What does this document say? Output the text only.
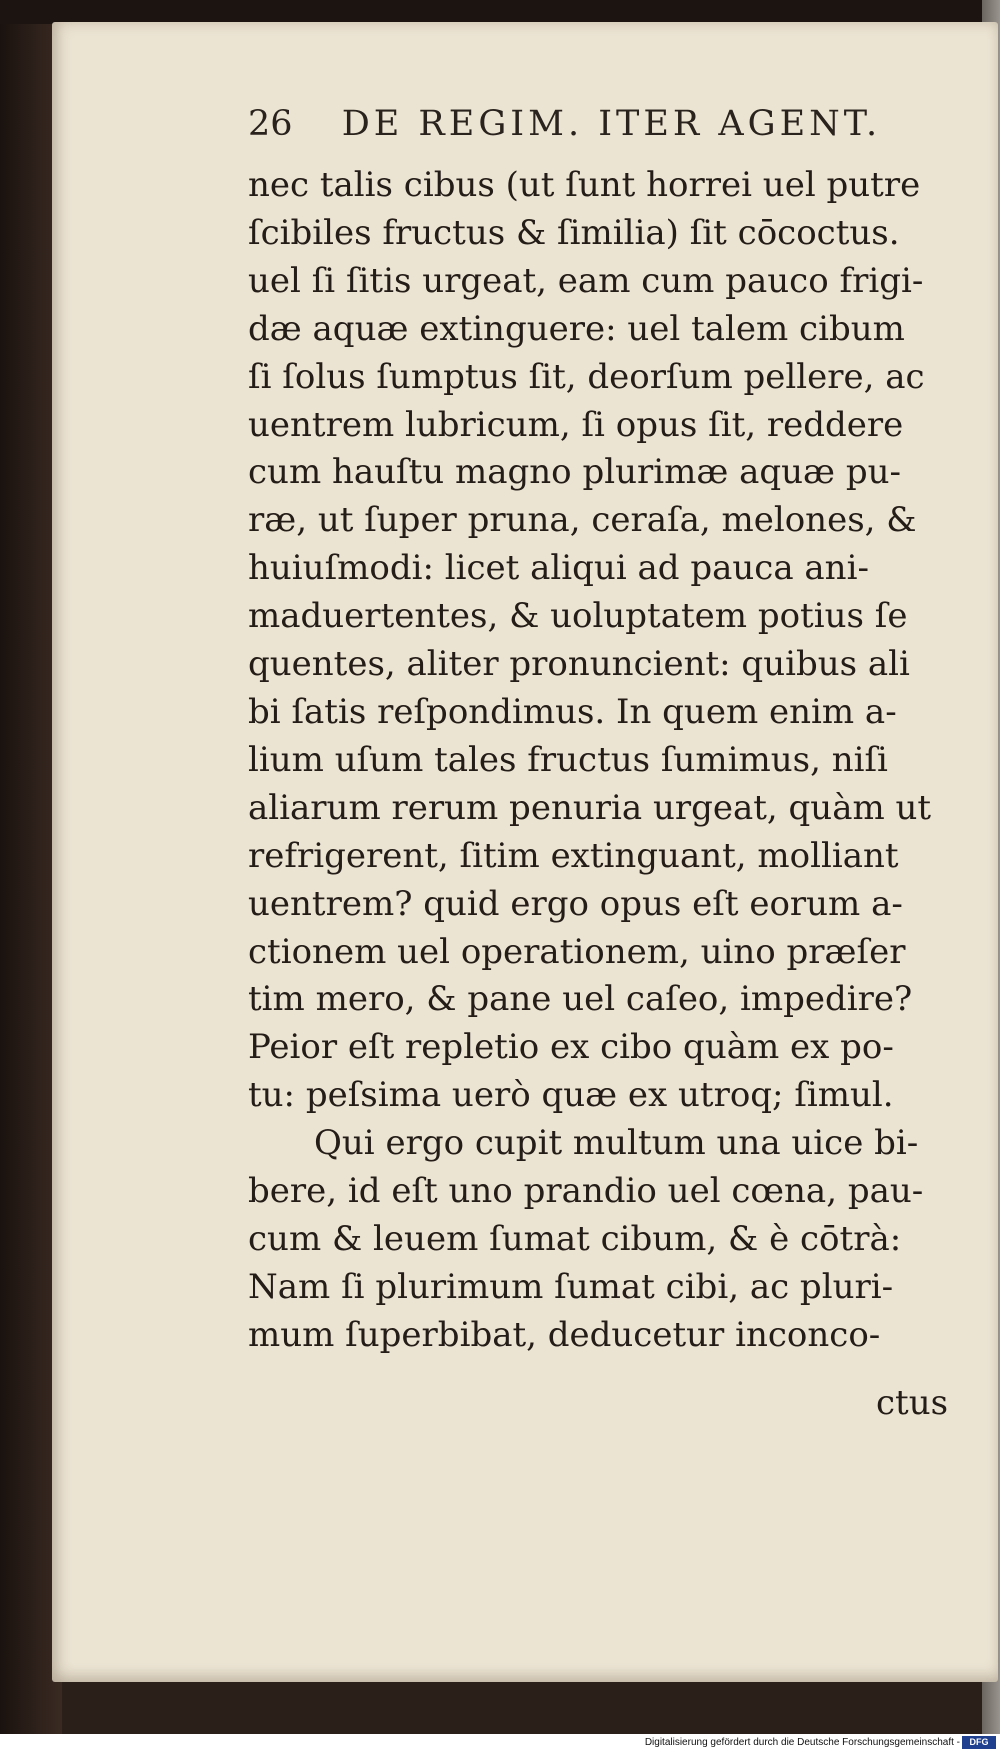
26 DE REGIM. ITER AGENT.
nec talis cibus (ut ſunt horrei uel putre
ſcibiles fructus & ſimilia) ſit cōcoctus.
uel ſi ſitis urgeat, eam cum pauco frigi-
dæ aquæ extinguere: uel talem cibum
ſi ſolus ſumptus ſit, deorſum pellere, ac
uentrem lubricum, ſi opus ſit, reddere
cum hauſtu magno plurimæ aquæ pu-
ræ, ut ſuper pruna, ceraſa, melones, &
huiuſmodi: licet aliqui ad pauca ani-
maduertentes, & uoluptatem potius ſe
quentes, aliter pronuncient: quibus ali
bi ſatis reſpondimus. In quem enim a-
lium uſum tales fructus ſumimus, niſi
aliarum rerum penuria urgeat, quàm ut
refrigerent, ſitim extinguant, molliant
uentrem? quid ergo opus eſt eorum a-
ctionem uel operationem, uino præſer
tim mero, & pane uel caſeo, impedire?
Peior eſt repletio ex cibo quàm ex po-
tu: peſsima uerò quæ ex utroq; ſimul.
Qui ergo cupit multum una uice bi-
bere, id eſt uno prandio uel cœna, pau-
cum & leuem ſumat cibum, & è cōtrà:
Nam ſi plurimum ſumat cibi, ac pluri-
mum ſuperbibat, deducetur inconco-
ctus
Digitalisierung gefördert durch die Deutsche Forschungsgemeinschaft -	DFG
